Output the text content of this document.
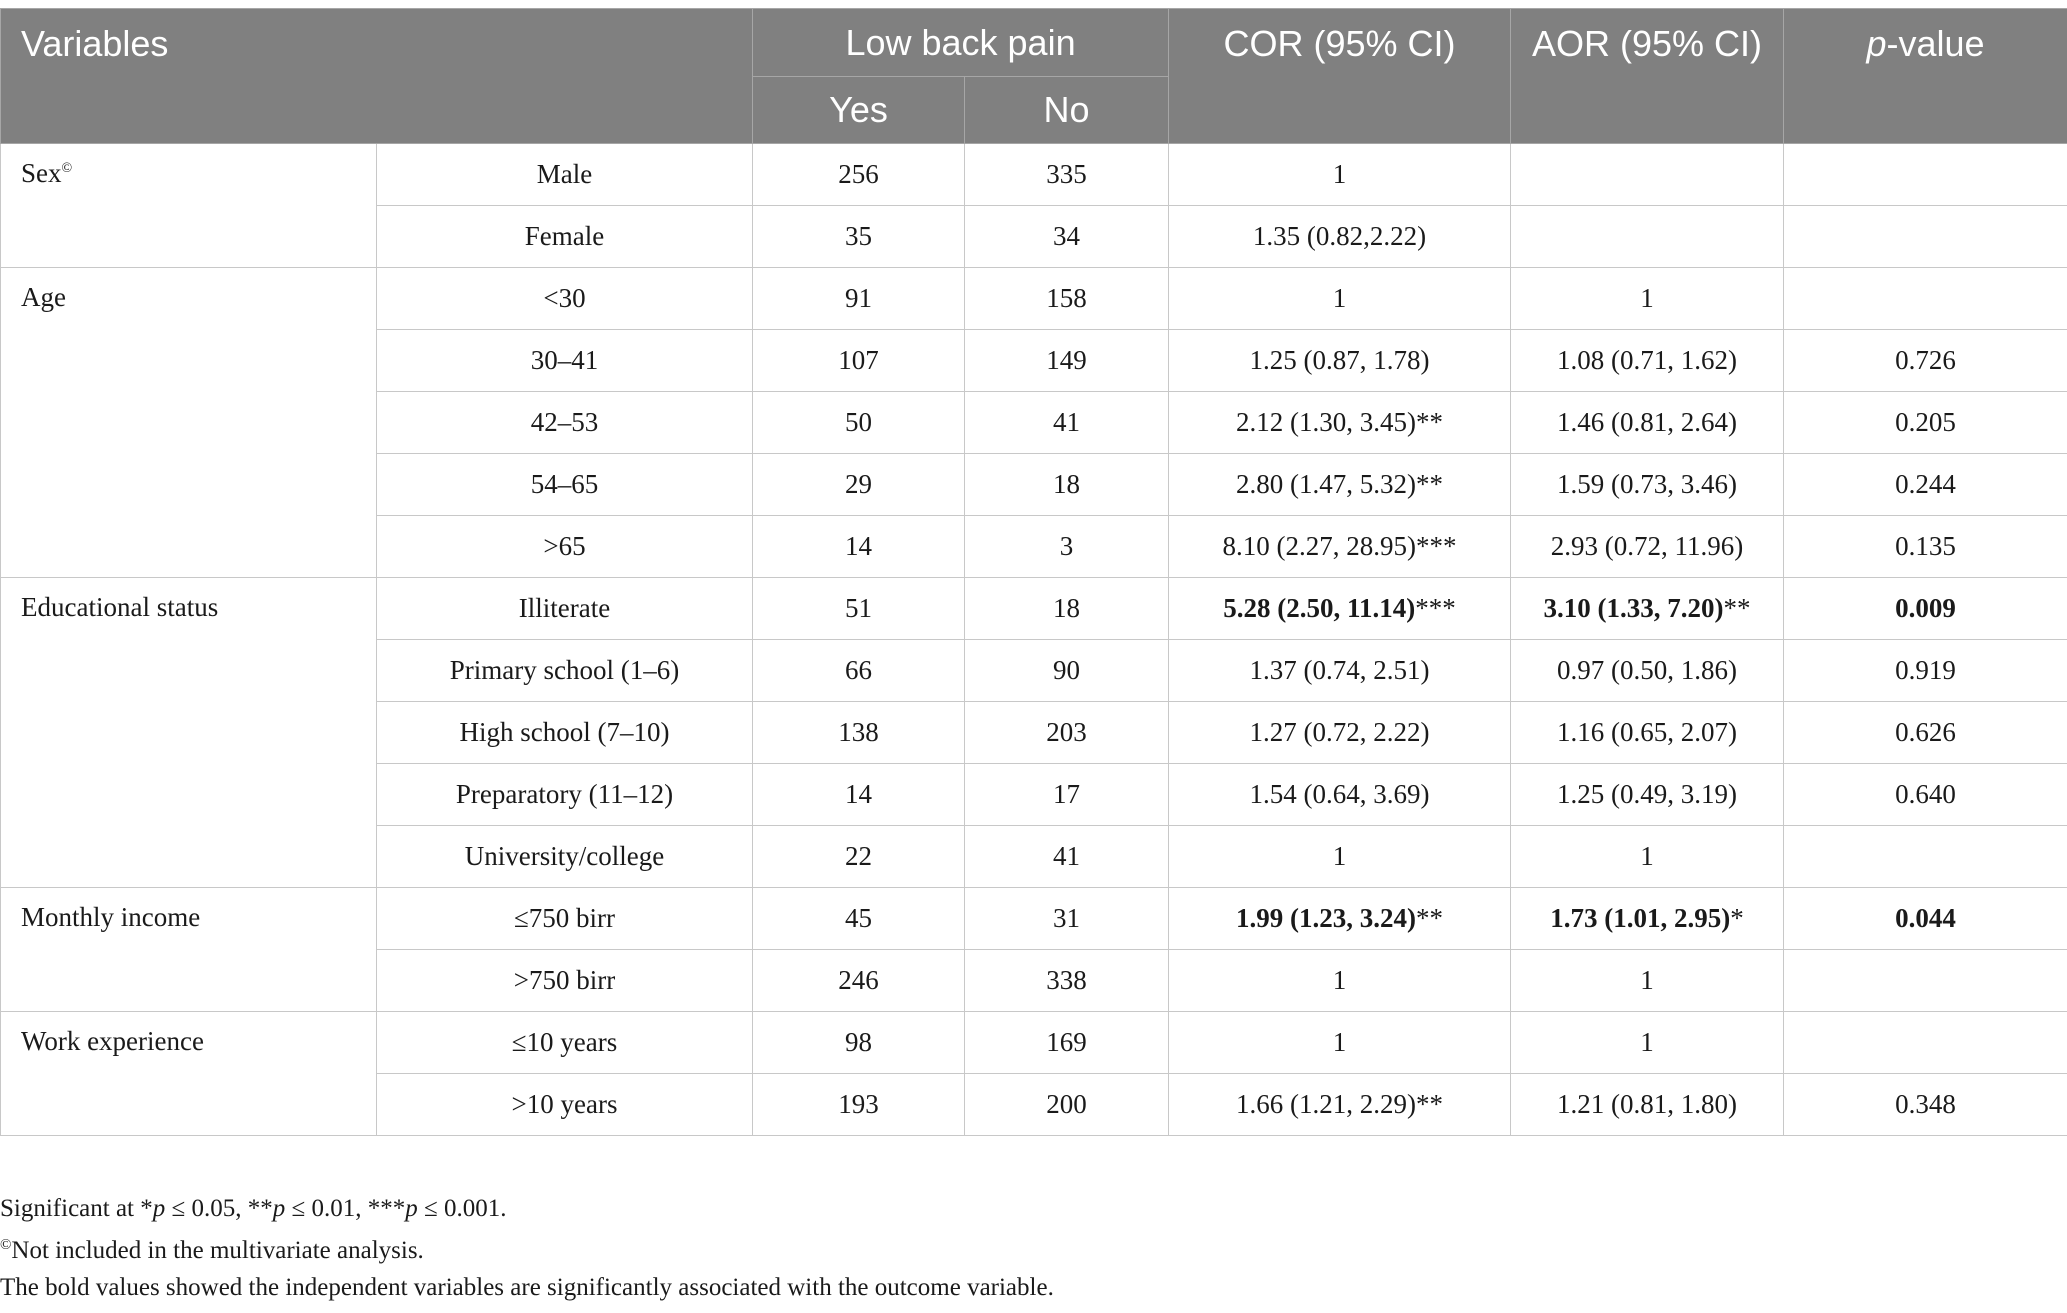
Variables		Low back pain		COR (95% CI)	AOR (95% CI)	p-value
		Yes	No			
Sex©	Male	256	335	1		
	Female	35	34	1.35 (0.82,2.22)		
Age	<30	91	158	1	1	
	30–41	107	149	1.25 (0.87, 1.78)	1.08 (0.71, 1.62)	0.726
	42–53	50	41	2.12 (1.30, 3.45)**	1.46 (0.81, 2.64)	0.205
	54–65	29	18	2.80 (1.47, 5.32)**	1.59 (0.73, 3.46)	0.244
	>65	14	3	8.10 (2.27, 28.95)***	2.93 (0.72, 11.96)	0.135
Educational status	Illiterate	51	18	5.28 (2.50, 11.14)***	3.10 (1.33, 7.20)**	0.009
	Primary school (1–6)	66	90	1.37 (0.74, 2.51)	0.97 (0.50, 1.86)	0.919
	High school (7–10)	138	203	1.27 (0.72, 2.22)	1.16 (0.65, 2.07)	0.626
	Preparatory (11–12)	14	17	1.54 (0.64, 3.69)	1.25 (0.49, 3.19)	0.640
	University/college	22	41	1	1	
Monthly income	≤750 birr	45	31	1.99 (1.23, 3.24)**	1.73 (1.01, 2.95)*	0.044
	>750 birr	246	338	1	1	
Work experience	≤10 years	98	169	1	1	
	˃10 years	193	200	1.66 (1.21, 2.29)**	1.21 (0.81, 1.80)	0.348

Significant at *p ≤ 0.05, **p ≤ 0.01, ***p ≤ 0.001.

©Not included in the multivariate analysis.

The bold values showed the independent variables are significantly associated with the outcome variable.
